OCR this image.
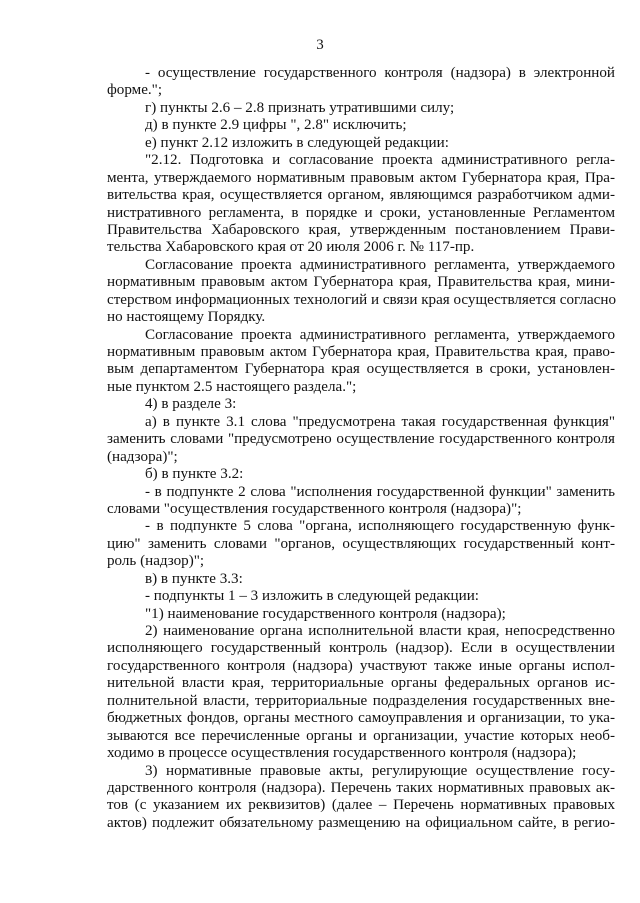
3
- осуществление государственного контроля (надзора) в электронной
форме.";
г) пункты 2.6 – 2.8 признать утратившими силу;
д) в пункте 2.9 цифры ", 2.8" исключить;
е) пункт 2.12 изложить в следующей редакции:
"2.12. Подготовка и согласование проекта административного регла-
мента, утверждаемого нормативным правовым актом Губернатора края, Пра-
вительства края, осуществляется органом, являющимся разработчиком адми-
нистративного регламента, в порядке и сроки, установленные Регламентом
Правительства Хабаровского края, утвержденным постановлением Прави-
тельства Хабаровского края от 20 июля 2006 г. № 117-пр.
Согласование проекта административного регламента, утверждаемого
нормативным правовым актом Губернатора края, Правительства края, мини-
стерством информационных технологий и связи края осуществляется согласно
но настоящему Порядку.
Согласование проекта административного регламента, утверждаемого
нормативным правовым актом Губернатора края, Правительства края, право-
вым департаментом Губернатора края осуществляется в сроки, установлен-
ные пунктом 2.5 настоящего раздела.";
4) в разделе 3:
а) в пункте 3.1 слова "предусмотрена такая государственная функция"
заменить словами "предусмотрено осуществление государственного контроля
(надзора)";
б) в пункте 3.2:
- в подпункте 2 слова "исполнения государственной функции" заменить
словами "осуществления государственного контроля (надзора)";
- в подпункте 5 слова "органа, исполняющего государственную функ-
цию" заменить словами "органов, осуществляющих государственный конт-
роль (надзор)";
в) в пункте 3.3:
- подпункты 1 – 3 изложить в следующей редакции:
"1) наименование государственного контроля (надзора);
2) наименование органа исполнительной власти края, непосредственно
исполняющего государственный контроль (надзор). Если в осуществлении
государственного контроля (надзора) участвуют также иные органы испол-
нительной власти края, территориальные органы федеральных органов ис-
полнительной власти, территориальные подразделения государственных вне-
бюджетных фондов, органы местного самоуправления и организации, то ука-
зываются все перечисленные органы и организации, участие которых необ-
ходимо в процессе осуществления государственного контроля (надзора);
3) нормативные правовые акты, регулирующие осуществление госу-
дарственного контроля (надзора). Перечень таких нормативных правовых ак-
тов (с указанием их реквизитов) (далее – Перечень нормативных правовых
актов) подлежит обязательному размещению на официальном сайте, в регио-
